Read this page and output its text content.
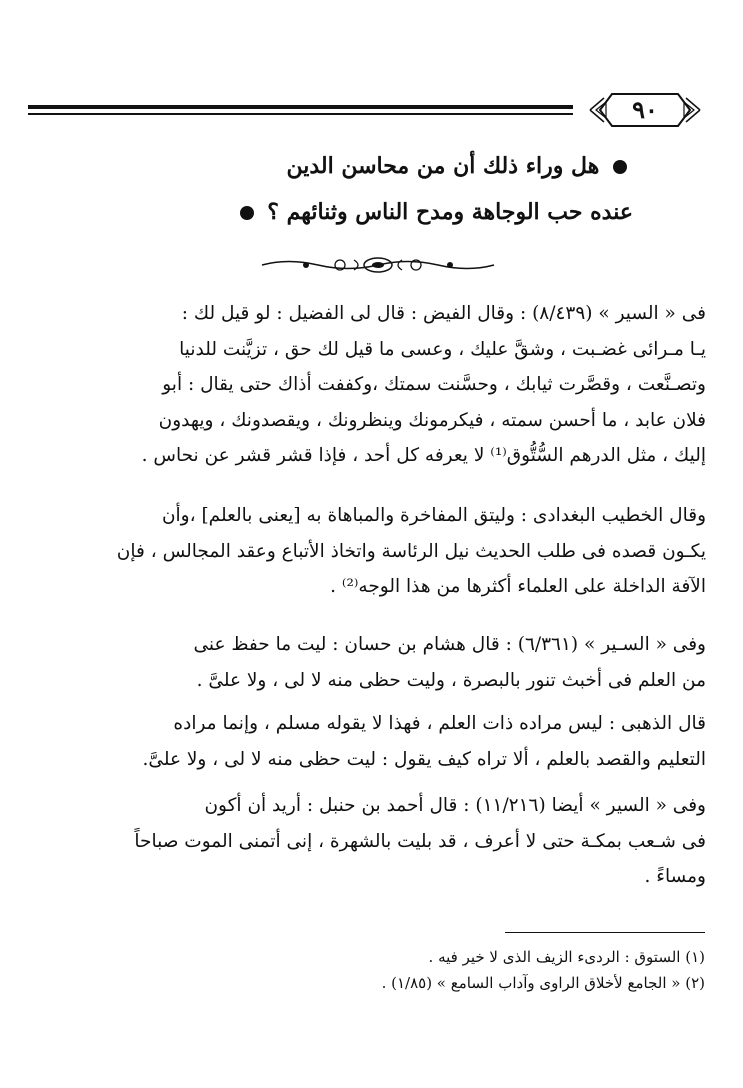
٩٠
هل وراء ذلك أن من محاسن الدين
عنده حب الوجاهة ومدح الناس وثنائهم ؟

فى « السير » (٨/٤٣٩) : وقال الفيض : قال لى الفضيل : لو قيل لك :

يـا مـرائى غضـبت ، وشقَّ عليك ، وعسى ما قيل لك حق ، تزيَّنت للدنيا

وتصـنَّعت ، وقصَّرت ثيابك ، وحسَّنت سمتك ،وكففت أذاك حتى يقال : أبو

فلان عابد ، ما أحسن سمته ، فيكرمونك وينظرونك ، ويقصدونك ، ويهدون

إليك ، مثل الدرهم السُّتُّوق⁽¹⁾ لا يعرفه كل أحد ، فإذا قشر قشر عن نحاس .

وقال الخطيب البغدادى : وليتق المفاخرة والمباهاة به [يعنى بالعلم] ،وأن

يكـون قصده فى طلب الحديث نيل الرئاسة واتخاذ الأتباع وعقد المجالس ، فإن

الآفة الداخلة على العلماء أكثرها من هذا الوجه⁽²⁾ .

وفى « السـير » (٦/٣٦١) : قال هشام بن حسان : ليت ما حفظ عنى

من العلم فى أخبث تنور بالبصرة ، وليت حظى منه لا لى ، ولا علىَّ .

قال الذهبى : ليس مراده ذات العلم ، فهذا لا يقوله مسلم ، وإنما مراده

التعليم والقصد بالعلم ، ألا تراه كيف يقول : ليت حظى منه لا لى ، ولا علىَّ.

وفى « السير » أيضا (١١/٢١٦) : قال أحمد بن حنبل : أريد أن أكون

فى شـعب بمكـة حتى لا أعرف ، قد بليت بالشهرة ، إنى أتمنى الموت صباحاً

ومساءً .

(١) الستوق : الردىء الزيف الذى لا خير فيه .
(٢) « الجامع لأخلاق الراوى وآداب السامع » (١/٨٥) .
